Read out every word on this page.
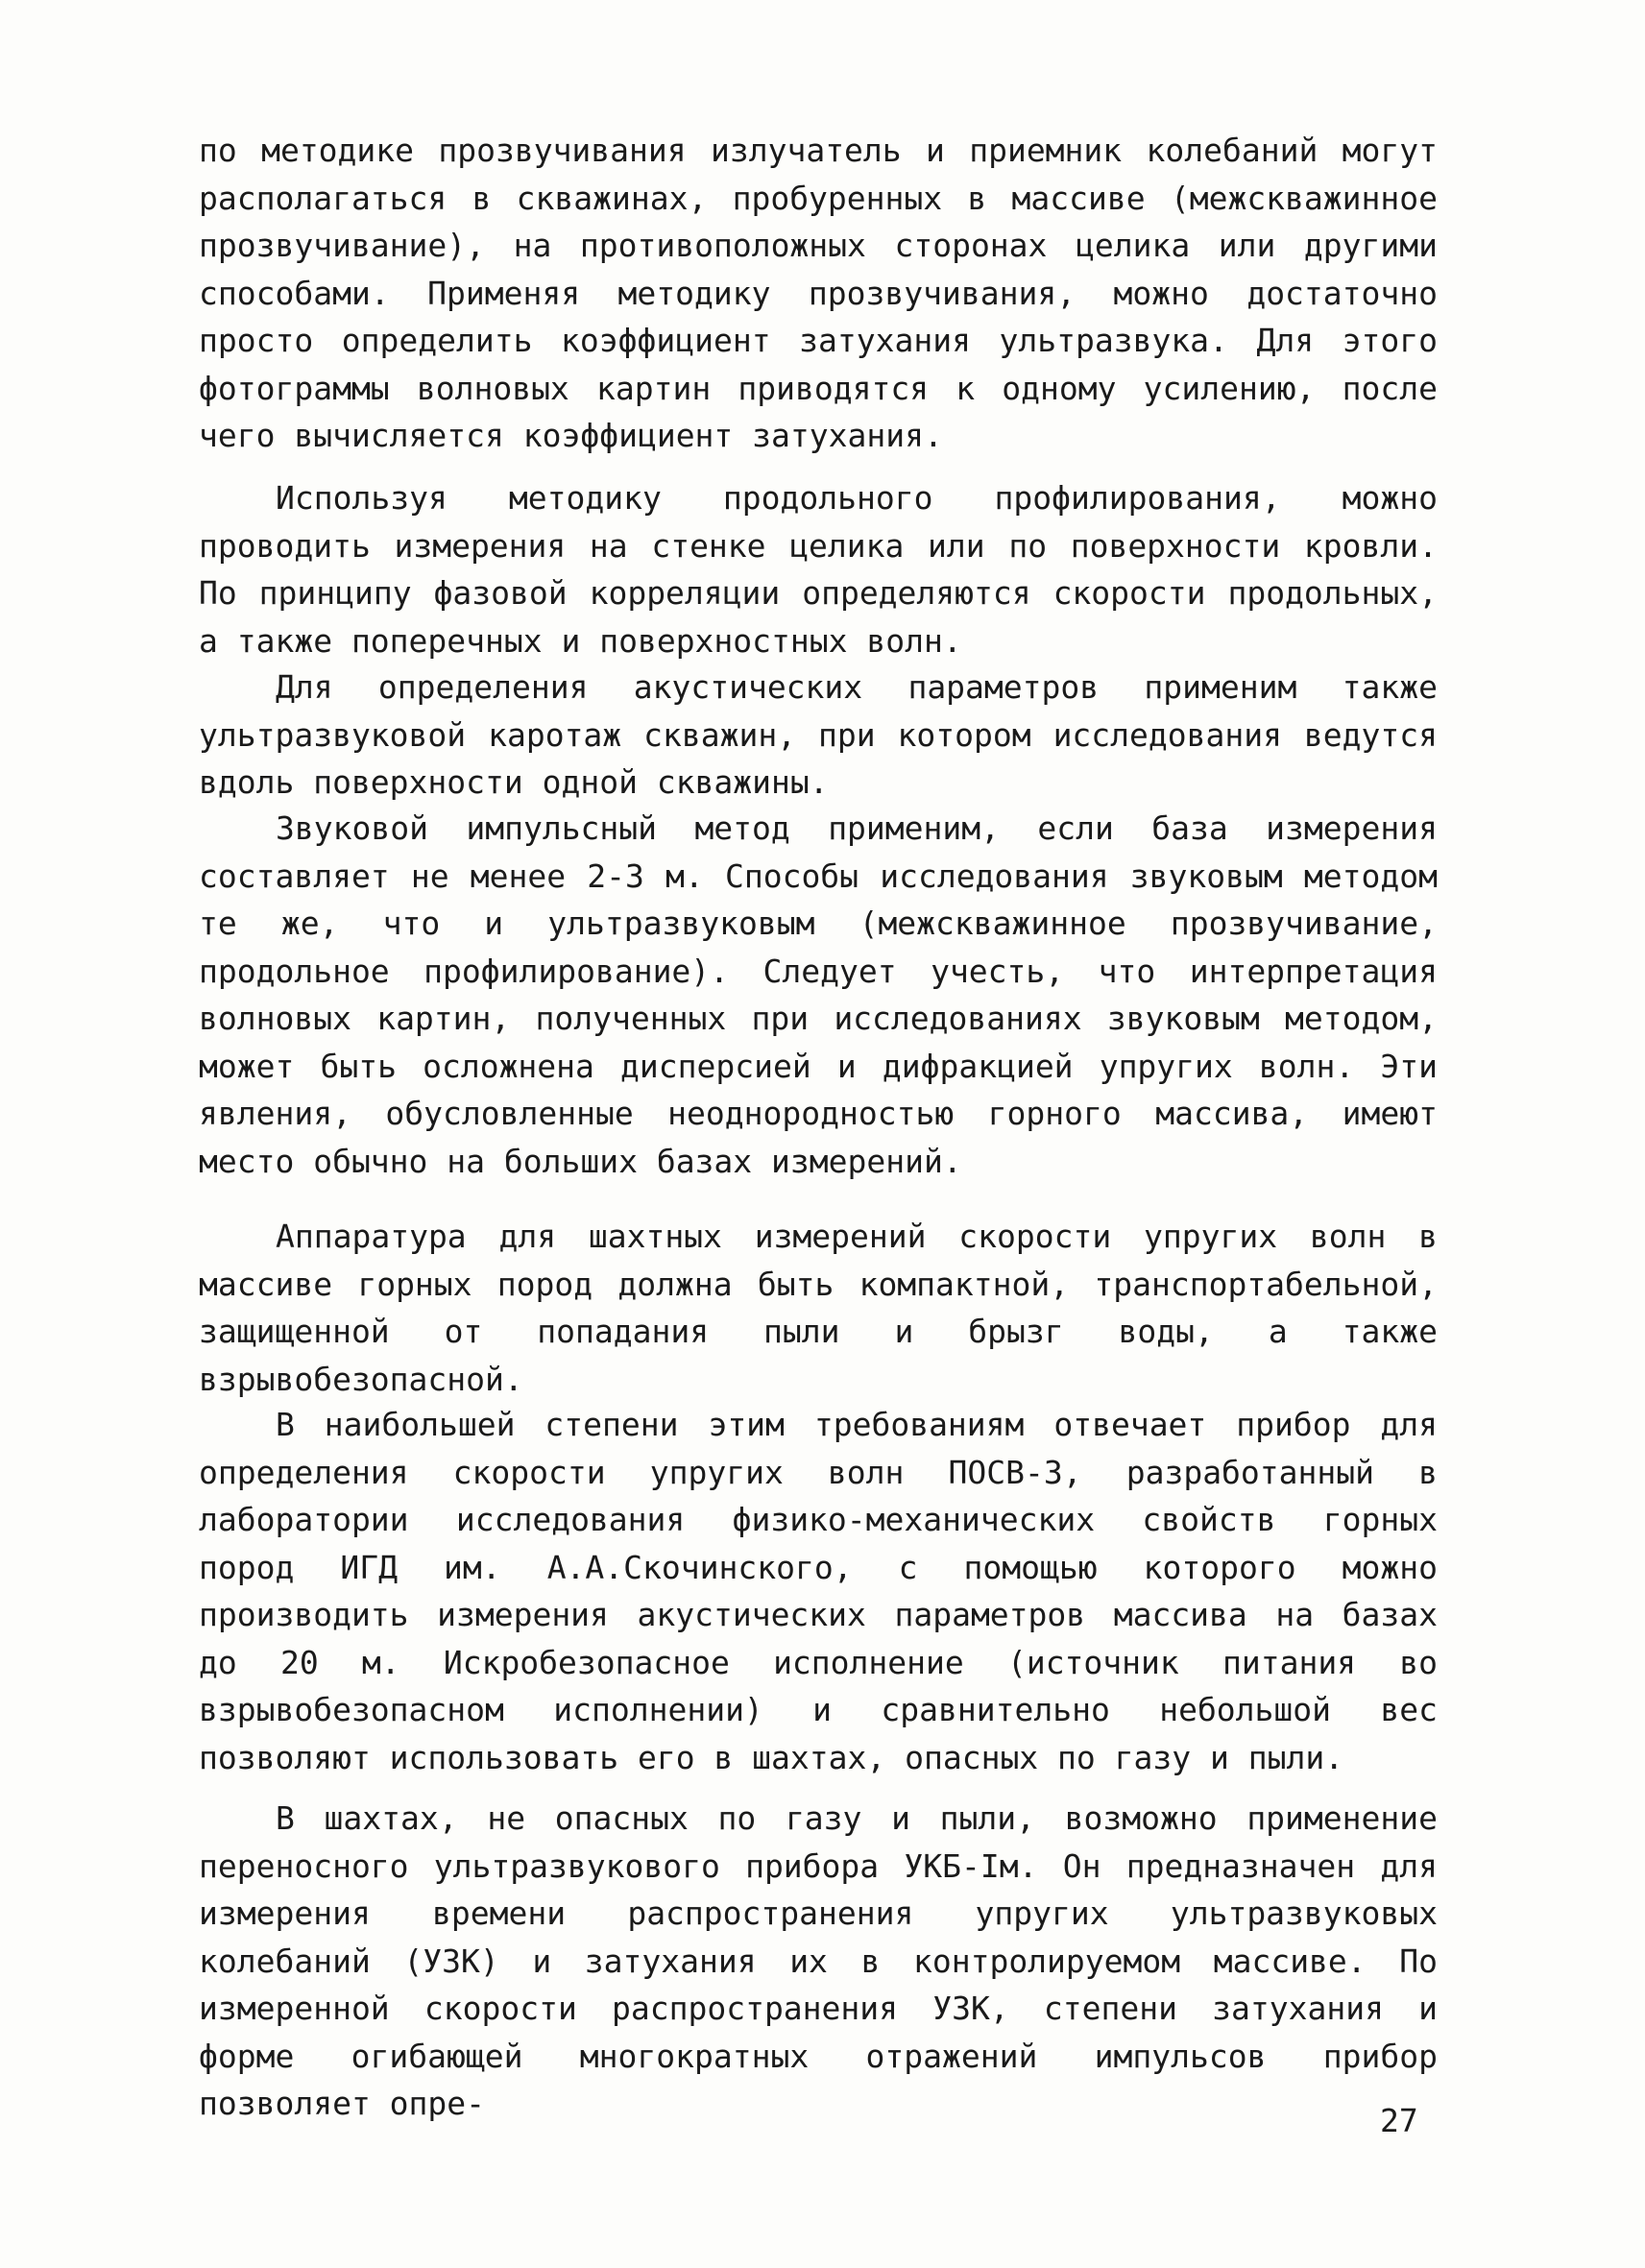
по методике прозвучивания излучатель и приемник колебаний могут располагаться в скважинах, пробуренных в массиве (межскважинное прозвучивание), на противоположных сторонах целика или другими способами. Применяя методику прозвучивания, можно достаточно просто определить коэффициент затухания ультразвука. Для этого фотограммы волновых картин приводятся к одному усилению, после чего вычисляется коэффициент затухания.

Используя методику продольного профилирования, можно проводить измерения на стенке целика или по поверхности кровли. По принципу фазовой корреляции определяются скорости продольных, а также поперечных и поверхностных волн.

Для определения акустических параметров применим также ультразвуковой каротаж скважин, при котором исследования ведутся вдоль поверхности одной скважины.

Звуковой импульсный метод применим, если база измерения составляет не менее 2-3 м. Способы исследования звуковым методом те же, что и ультразвуковым (межскважинное прозвучивание, продольное профилирование). Следует учесть, что интерпретация волновых картин, полученных при исследованиях звуковым методом, может быть осложнена дисперсией и дифракцией упругих волн. Эти явления, обусловленные неоднородностью горного массива, имеют место обычно на больших базах измерений.

Аппаратура для шахтных измерений скорости упругих волн в массиве горных пород должна быть компактной, транспортабельной, защищенной от попадания пыли и брызг воды, а также взрывобезопасной.

В наибольшей степени этим требованиям отвечает прибор для определения скорости упругих волн ПОСВ-3, разработанный в лаборатории исследования физико-механических свойств горных пород ИГД им. А.А.Скочинского, с помощью которого можно производить измерения акустических параметров массива на базах до 20 м. Искробезопасное исполнение (источник питания во взрывобезопасном исполнении) и сравнительно небольшой вес позволяют использовать его в шахтах, опасных по газу и пыли.

В шахтах, не опасных по газу и пыли, возможно применение переносного ультразвукового прибора УКБ-Iм. Он предназначен для измерения времени распространения упругих ультразвуковых колебаний (УЗК) и затухания их в контролируемом массиве. По измеренной скорости распространения УЗК, степени затухания и форме огибающей многократных отражений импульсов прибор позволяет опре-	27
